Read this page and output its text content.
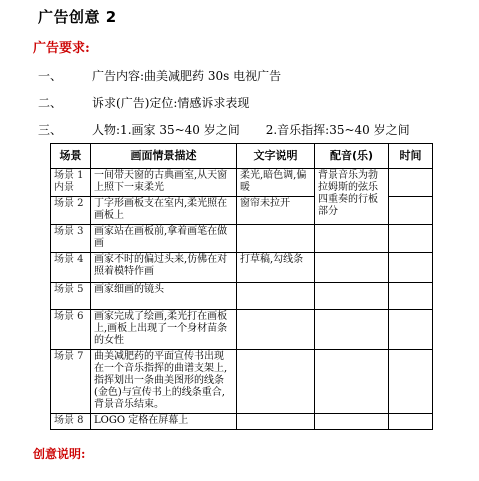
广告创意 2
广告要求:
一、	广告内容:曲美减肥药 30s 电视广告
二、	诉求(广告)定位:情感诉求表现
三、	人物:1.画家 35~40 岁之间 2.音乐指挥:35~40 岁之间
场景	画面情景描述	文字说明	配音(乐)	时间
场景 1 内景	一间带天窗的古典画室,从天窗上照下一束柔光	柔光,暗色调,偏暖	背景音乐为勃拉姆斯的弦乐四重奏的行板部分	
场景 2	丁字形画板支在室内,柔光照在画板上	窗帘未拉开		
场景 3	画家站在画板前,拿着画笔在做画			
场景 4	画家不时的偏过头来,仿佛在对照着模特作画	打草稿,勾线条		
场景 5	画家细画的镜头			
场景 6	画家完成了绘画,柔光打在画板上,画板上出现了一个身材苗条的女性			
场景 7	曲美减肥药的平面宣传书出现在一个音乐指挥的曲谱支架上,指挥划出一条曲美图形的线条(金色)与宣传书上的线条重合,背景音乐结束。			
场景 8	LOGO 定格在屏幕上			
创意说明:
